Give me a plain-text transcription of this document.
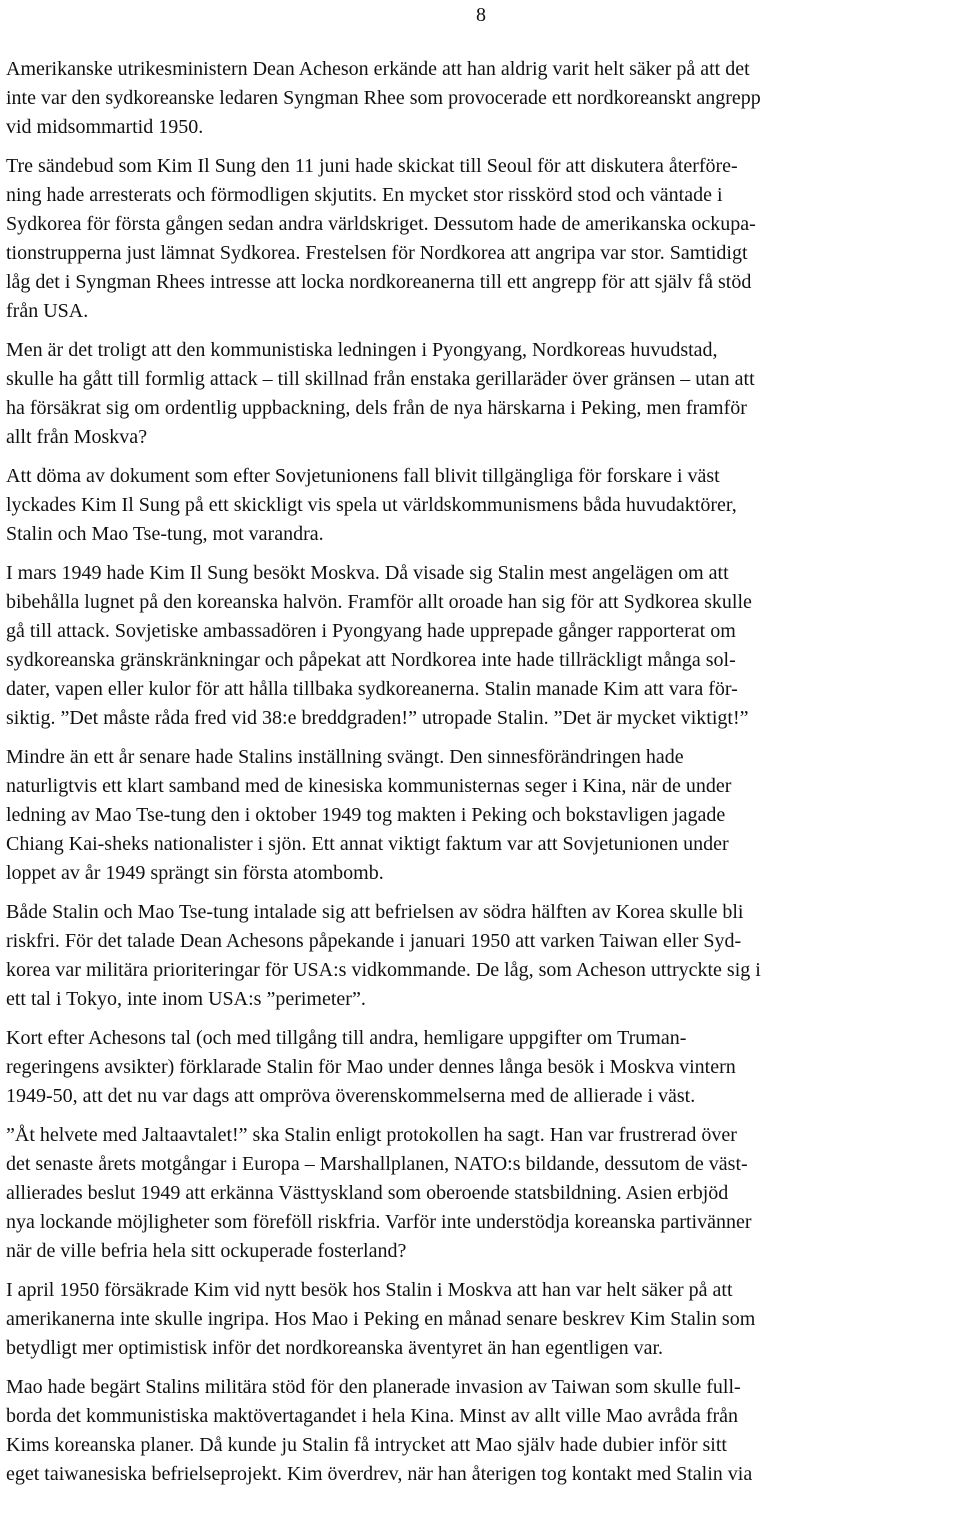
8

Amerikanske utrikesministern Dean Acheson erkände att han aldrig varit helt säker på att det
inte var den sydkoreanske ledaren Syngman Rhee som provocerade ett nordkoreanskt angrepp
vid midsommartid 1950.

Tre sändebud som Kim Il Sung den 11 juni hade skickat till Seoul för att diskutera återföre-
ning hade arresterats och förmodligen skjutits. En mycket stor risskörd stod och väntade i
Sydkorea för första gången sedan andra världskriget. Dessutom hade de amerikanska ockupa-
tionstrupperna just lämnat Sydkorea. Frestelsen för Nordkorea att angripa var stor. Samtidigt
låg det i Syngman Rhees intresse att locka nordkoreanerna till ett angrepp för att själv få stöd
från USA.

Men är det troligt att den kommunistiska ledningen i Pyongyang, Nordkoreas huvudstad,
skulle ha gått till formlig attack – till skillnad från enstaka gerillaräder över gränsen – utan att
ha försäkrat sig om ordentlig uppbackning, dels från de nya härskarna i Peking, men framför
allt från Moskva?

Att döma av dokument som efter Sovjetunionens fall blivit tillgängliga för forskare i väst
lyckades Kim Il Sung på ett skickligt vis spela ut världskommunismens båda huvudaktörer,
Stalin och Mao Tse-tung, mot varandra.

I mars 1949 hade Kim Il Sung besökt Moskva. Då visade sig Stalin mest angelägen om att
bibehålla lugnet på den koreanska halvön. Framför allt oroade han sig för att Sydkorea skulle
gå till attack. Sovjetiske ambassadören i Pyongyang hade upprepade gånger rapporterat om
sydkoreanska gränskränkningar och påpekat att Nordkorea inte hade tillräckligt många sol-
dater, vapen eller kulor för att hålla tillbaka sydkoreanerna. Stalin manade Kim att vara för-
siktig. ”Det måste råda fred vid 38:e breddgraden!” utropade Stalin. ”Det är mycket viktigt!”

Mindre än ett år senare hade Stalins inställning svängt. Den sinnesförändringen hade
naturligtvis ett klart samband med de kinesiska kommunisternas seger i Kina, när de under
ledning av Mao Tse-tung den i oktober 1949 tog makten i Peking och bokstavligen jagade
Chiang Kai-sheks nationalister i sjön. Ett annat viktigt faktum var att Sovjetunionen under
loppet av år 1949 sprängt sin första atombomb.

Både Stalin och Mao Tse-tung intalade sig att befrielsen av södra hälften av Korea skulle bli
riskfri. För det talade Dean Achesons påpekande i januari 1950 att varken Taiwan eller Syd-
korea var militära prioriteringar för USA:s vidkommande. De låg, som Acheson uttryckte sig i
ett tal i Tokyo, inte inom USA:s ”perimeter”.

Kort efter Achesons tal (och med tillgång till andra, hemligare uppgifter om Truman-
regeringens avsikter) förklarade Stalin för Mao under dennes långa besök i Moskva vintern
1949-50, att det nu var dags att ompröva överenskommelserna med de allierade i väst.

”Åt helvete med Jaltaavtalet!” ska Stalin enligt protokollen ha sagt. Han var frustrerad över
det senaste årets motgångar i Europa – Marshallplanen, NATO:s bildande, dessutom de väst-
allierades beslut 1949 att erkänna Västtyskland som oberoende statsbildning. Asien erbjöd
nya lockande möjligheter som föreföll riskfria. Varför inte understödja koreanska partivänner
när de ville befria hela sitt ockuperade fosterland?

I april 1950 försäkrade Kim vid nytt besök hos Stalin i Moskva att han var helt säker på att
amerikanerna inte skulle ingripa. Hos Mao i Peking en månad senare beskrev Kim Stalin som
betydligt mer optimistisk inför det nordkoreanska äventyret än han egentligen var.

Mao hade begärt Stalins militära stöd för den planerade invasion av Taiwan som skulle full-
borda det kommunistiska maktövertagandet i hela Kina. Minst av allt ville Mao avråda från
Kims koreanska planer. Då kunde ju Stalin få intrycket att Mao själv hade dubier inför sitt
eget taiwanesiska befrielseprojekt. Kim överdrev, när han återigen tog kontakt med Stalin via
